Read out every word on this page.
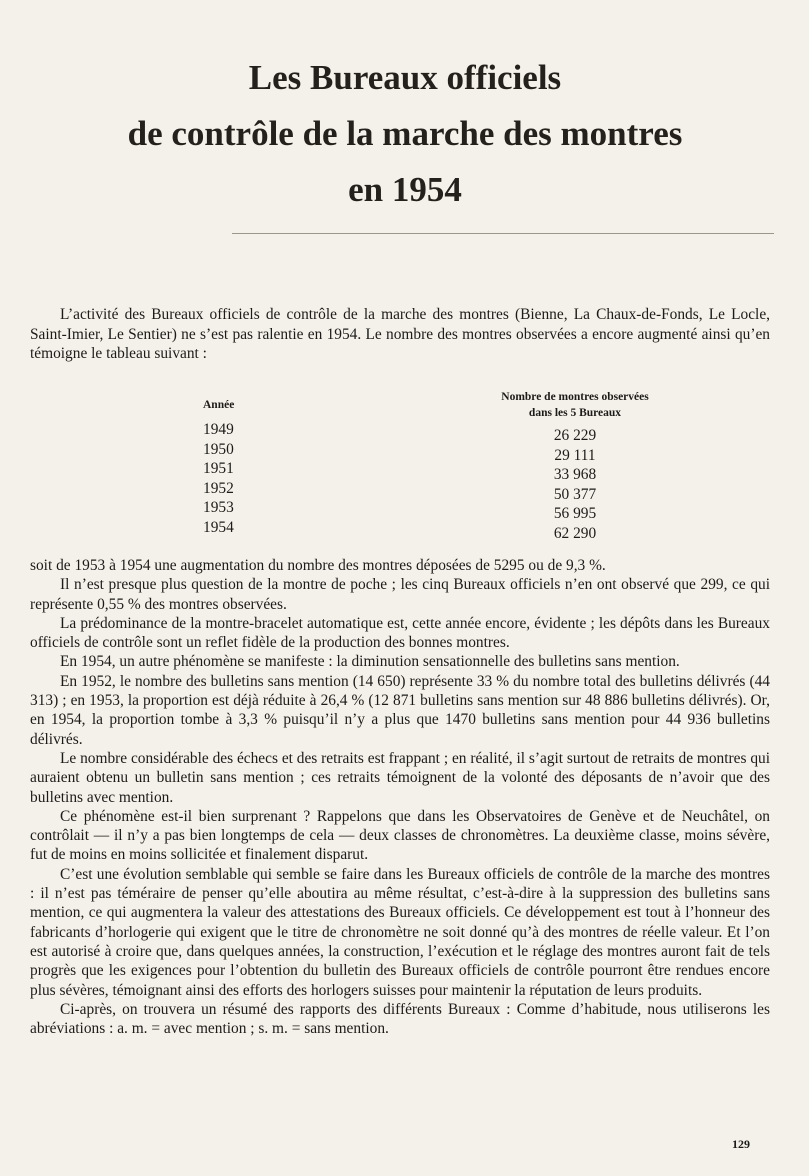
Les Bureaux officiels
de contrôle de la marche des montres
en 1954

L’activité des Bureaux officiels de contrôle de la marche des montres (Bienne, La Chaux-de-Fonds, Le Locle, Saint-Imier, Le Sentier) ne s’est pas ralentie en 1954. Le nombre des montres observées a encore augmenté ainsi qu’en témoigne le tableau suivant :

Année
Nombre de montres observées
dans les 5 Bureaux
1949
1950
1951
1952
1953
1954
26 229
29 111
33 968
50 377
56 995
62 290

soit de 1953 à 1954 une augmentation du nombre des montres déposées de 5295 ou de 9,3 %.

Il n’est presque plus question de la montre de poche ; les cinq Bureaux officiels n’en ont observé que 299, ce qui représente 0,55 % des montres observées.

La prédominance de la montre-bracelet automatique est, cette année encore, évidente ; les dépôts dans les Bureaux officiels de contrôle sont un reflet fidèle de la production des bonnes montres.

En 1954, un autre phénomène se manifeste : la diminution sensationnelle des bulletins sans mention.

En 1952, le nombre des bulletins sans mention (14 650) représente 33 % du nombre total des bulletins délivrés (44 313) ; en 1953, la proportion est déjà réduite à 26,4 % (12 871 bulletins sans mention sur 48 886 bulletins délivrés). Or, en 1954, la proportion tombe à 3,3 % puisqu’il n’y a plus que 1470 bulletins sans mention pour 44 936 bulletins délivrés.

Le nombre considérable des échecs et des retraits est frappant ; en réalité, il s’agit surtout de retraits de montres qui auraient obtenu un bulletin sans mention ; ces retraits témoignent de la volonté des déposants de n’avoir que des bulletins avec mention.

Ce phénomène est-il bien surprenant ? Rappelons que dans les Observatoires de Genève et de Neuchâtel, on contrôlait — il n’y a pas bien longtemps de cela — deux classes de chronomètres. La deuxième classe, moins sévère, fut de moins en moins sollicitée et finalement disparut.

C’est une évolution semblable qui semble se faire dans les Bureaux officiels de contrôle de la marche des montres : il n’est pas téméraire de penser qu’elle aboutira au même résultat, c’est-à-dire à la suppression des bulletins sans mention, ce qui augmentera la valeur des attestations des Bureaux officiels. Ce développement est tout à l’honneur des fabricants d’horlogerie qui exigent que le titre de chronomètre ne soit donné qu’à des montres de réelle valeur. Et l’on est autorisé à croire que, dans quelques années, la construction, l’exécution et le réglage des montres auront fait de tels progrès que les exigences pour l’obtention du bulletin des Bureaux officiels de contrôle pourront être rendues encore plus sévères, témoignant ainsi des efforts des horlogers suisses pour maintenir la réputation de leurs produits.

Ci-après, on trouvera un résumé des rapports des différents Bureaux : Comme d’habitude, nous utiliserons les abréviations : a. m. = avec mention ; s. m. = sans mention.

129
